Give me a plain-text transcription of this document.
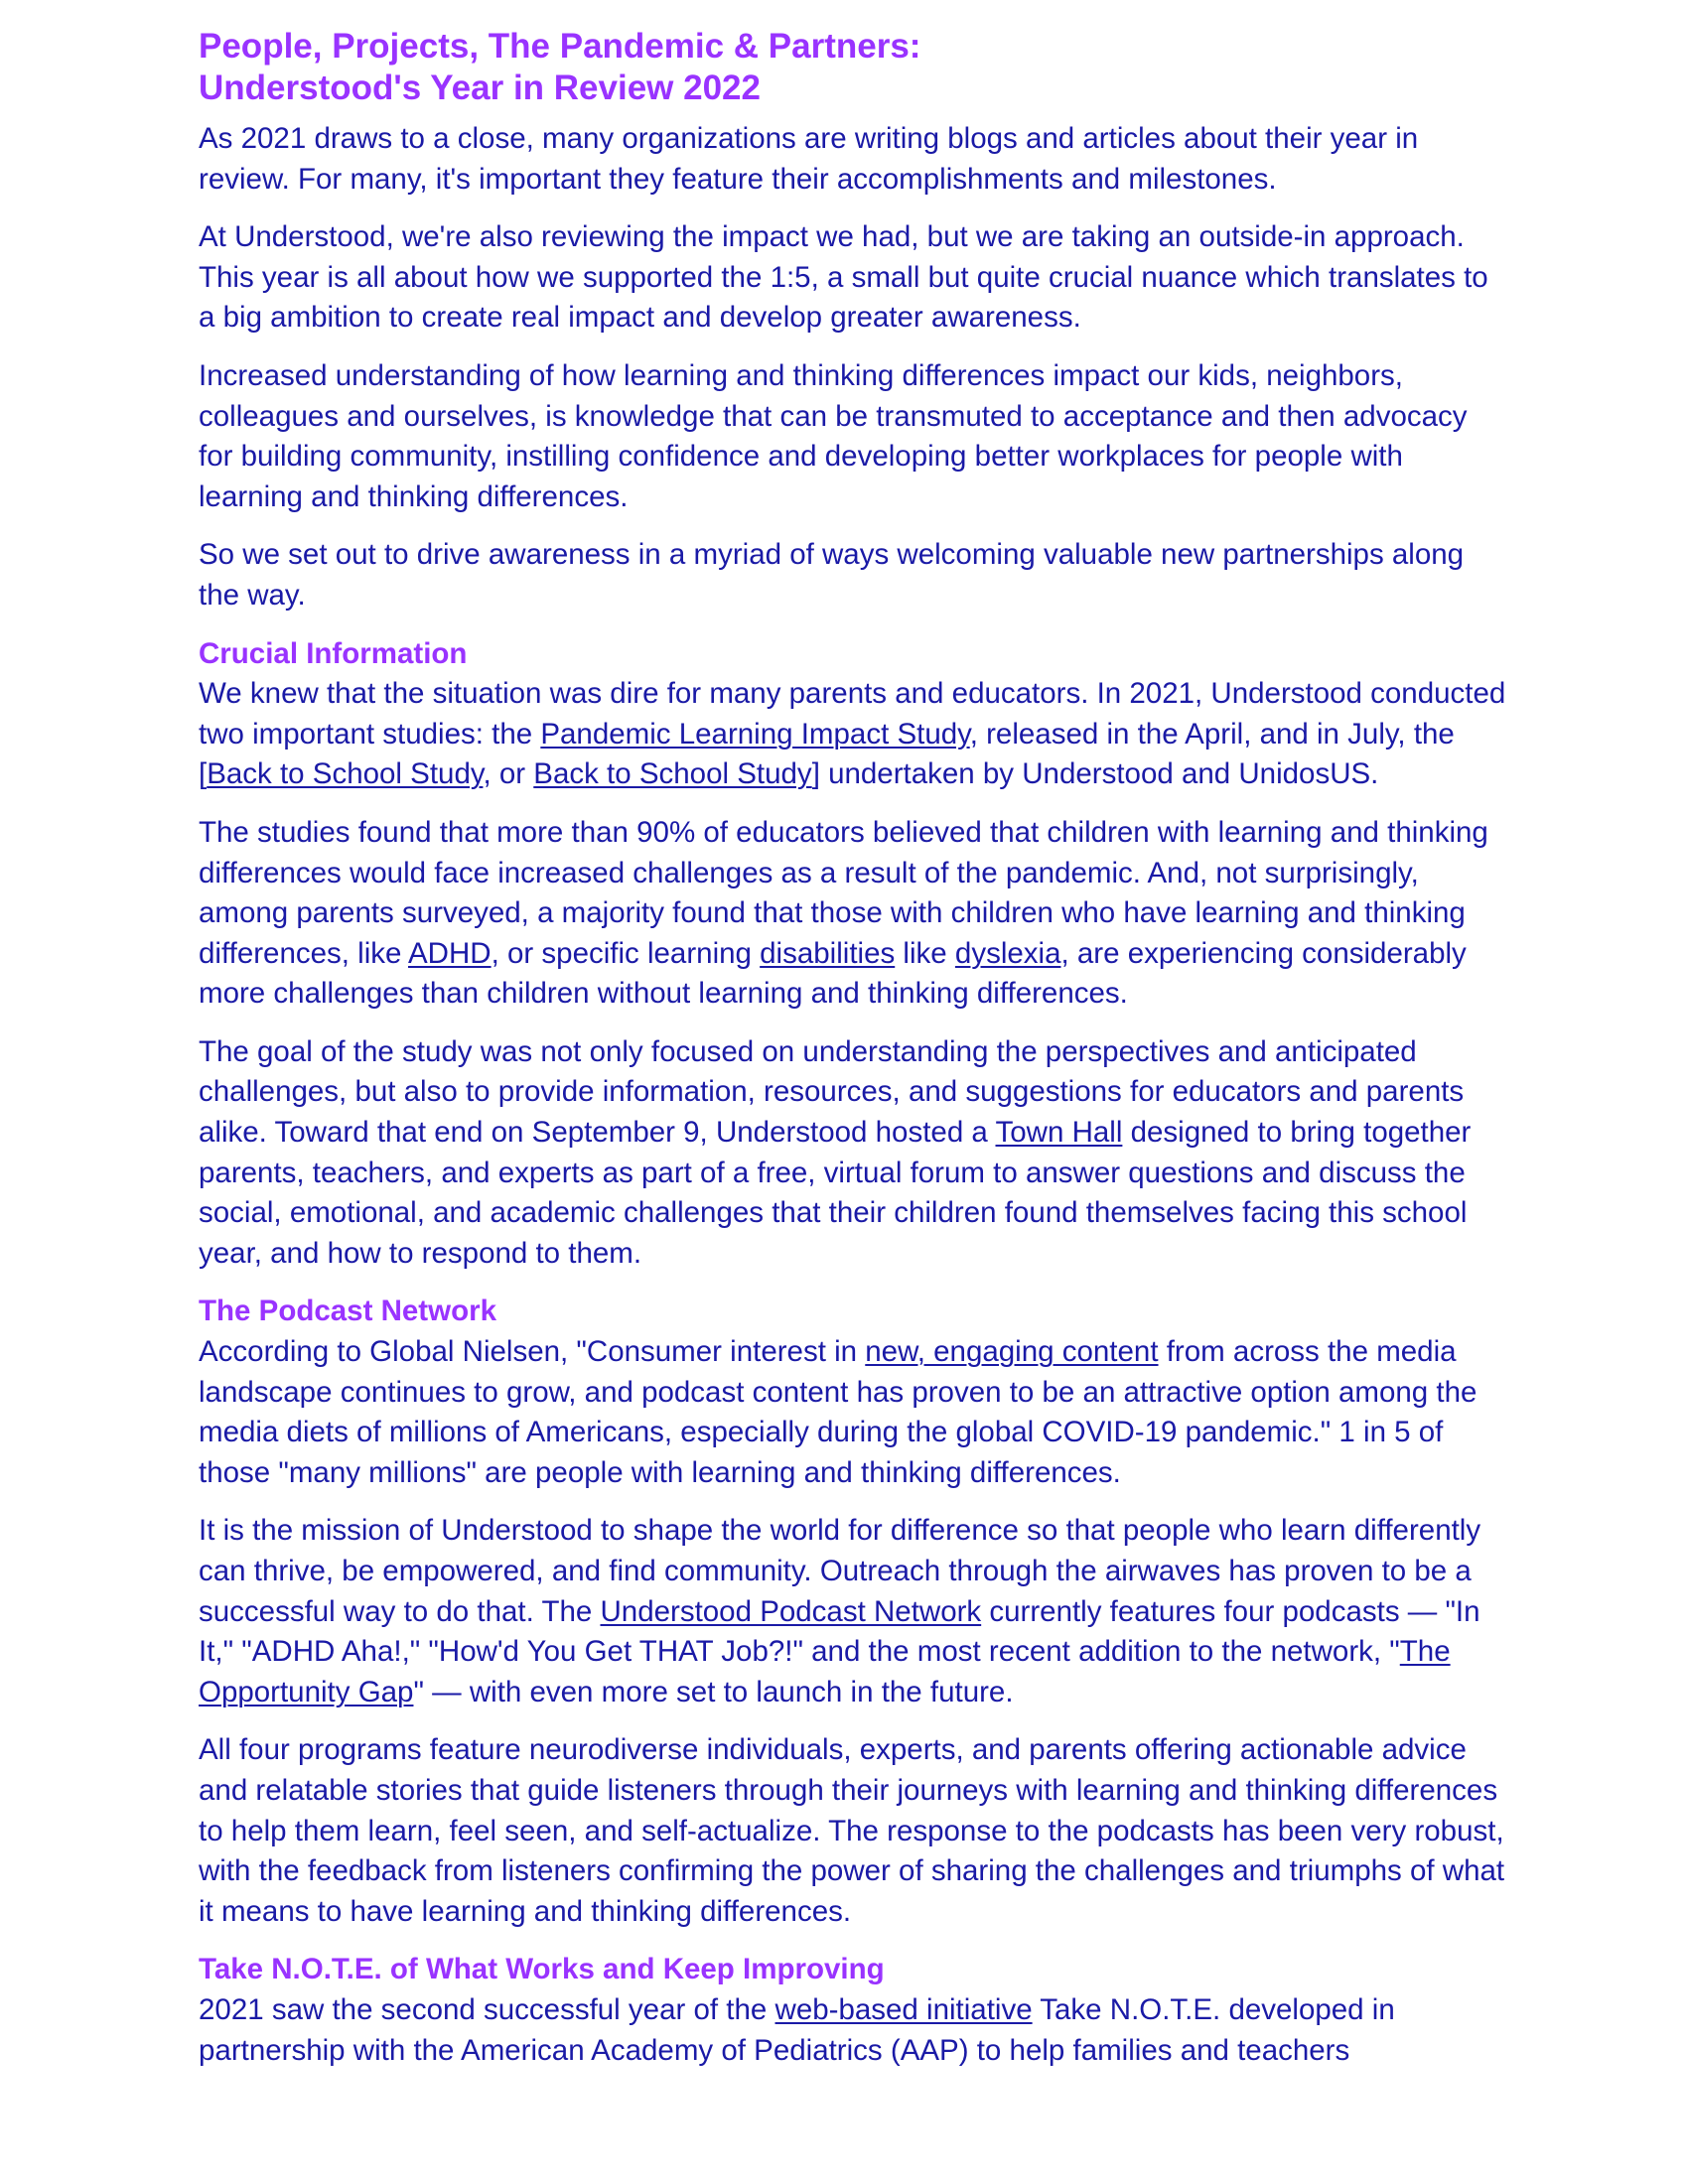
People, Projects, The Pandemic & Partners:
Understood's Year in Review 2022

As 2021 draws to a close, many organizations are writing blogs and articles about their year in review. For many, it's important they feature their accomplishments and milestones.

At Understood, we're also reviewing the impact we had, but we are taking an outside-in approach. This year is all about how we supported the 1:5, a small but quite crucial nuance which translates to a big ambition to create real impact and develop greater awareness.

Increased understanding of how learning and thinking differences impact our kids, neighbors, colleagues and ourselves, is knowledge that can be transmuted to acceptance and then advocacy for building community, instilling confidence and developing better workplaces for people with learning and thinking differences.

So we set out to drive awareness in a myriad of ways welcoming valuable new partnerships along the way.

Crucial Information

We knew that the situation was dire for many parents and educators. In 2021, Understood conducted two important studies: the Pandemic Learning Impact Study, released in the April, and in July, the [Back to School Study, or Back to School Study] undertaken by Understood and UnidosUS.

The studies found that more than 90% of educators believed that children with learning and thinking differences would face increased challenges as a result of the pandemic. And, not surprisingly, among parents surveyed, a majority found that those with children who have learning and thinking differences, like ADHD, or specific learning disabilities like dyslexia, are experiencing considerably more challenges than children without learning and thinking differences.

The goal of the study was not only focused on understanding the perspectives and anticipated challenges, but also to provide information, resources, and suggestions for educators and parents alike. Toward that end on September 9, Understood hosted a Town Hall designed to bring together parents, teachers, and experts as part of a free, virtual forum to answer questions and discuss the social, emotional, and academic challenges that their children found themselves facing this school year, and how to respond to them.

The Podcast Network

According to Global Nielsen, "Consumer interest in new, engaging content from across the media landscape continues to grow, and podcast content has proven to be an attractive option among the media diets of millions of Americans, especially during the global COVID-19 pandemic." 1 in 5 of those "many millions" are people with learning and thinking differences.

It is the mission of Understood to shape the world for difference so that people who learn differently can thrive, be empowered, and find community. Outreach through the airwaves has proven to be a successful way to do that. The Understood Podcast Network currently features four podcasts — "In It," "ADHD Aha!," "How'd You Get THAT Job?!" and the most recent addition to the network, "The Opportunity Gap" — with even more set to launch in the future.

All four programs feature neurodiverse individuals, experts, and parents offering actionable advice and relatable stories that guide listeners through their journeys with learning and thinking differences to help them learn, feel seen, and self-actualize. The response to the podcasts has been very robust, with the feedback from listeners confirming the power of sharing the challenges and triumphs of what it means to have learning and thinking differences.

Take N.O.T.E. of What Works and Keep Improving

2021 saw the second successful year of the web-based initiative Take N.O.T.E. developed in partnership with the American Academy of Pediatrics (AAP) to help families and teachers
